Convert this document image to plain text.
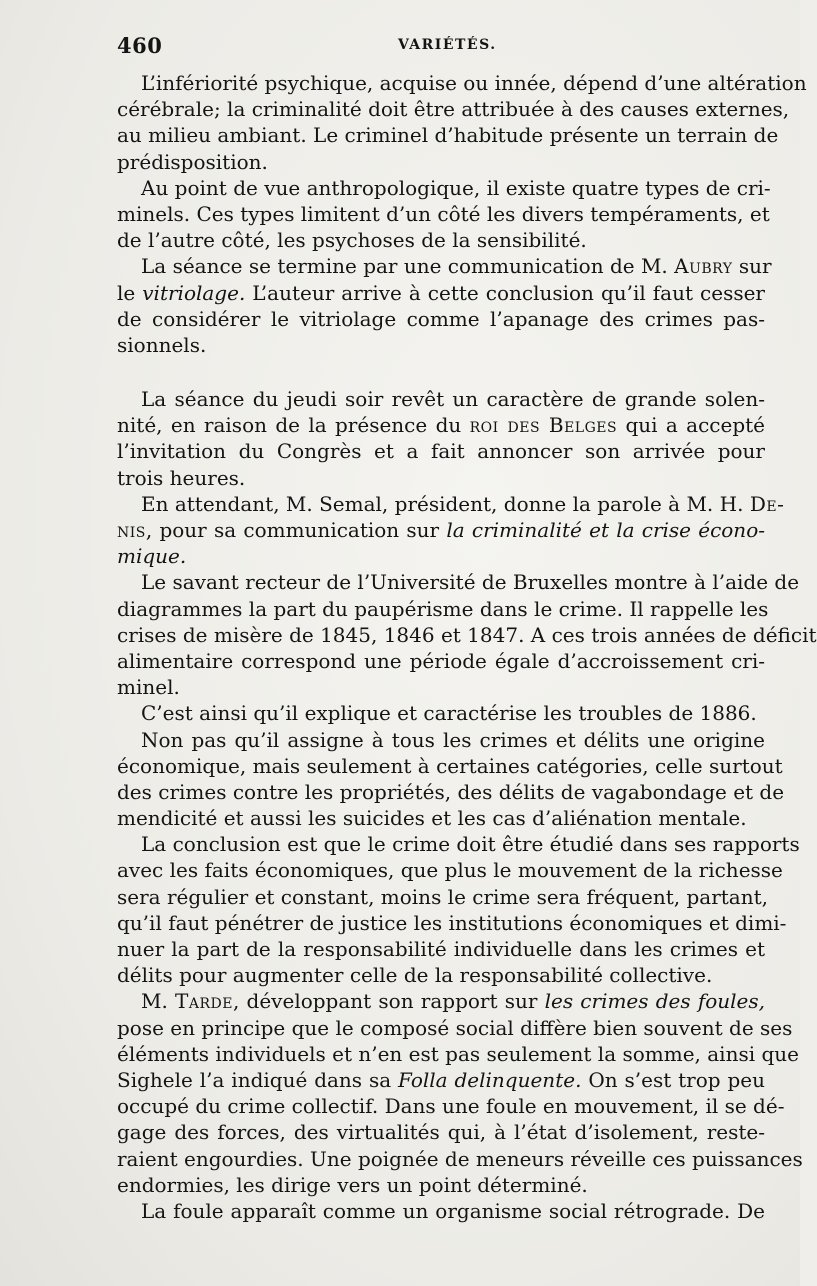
460	VARIÉTÉS.
L’infériorité psychique, acquise ou innée, dépend d’une altération
cérébrale; la criminalité doit être attribuée à des causes externes,
au milieu ambiant. Le criminel d’habitude présente un terrain de
prédisposition.
Au point de vue anthropologique, il existe quatre types de cri-
minels. Ces types limitent d’un côté les divers tempéraments, et
de l’autre côté, les psychoses de la sensibilité.
La séance se termine par une communication de M. Aubry sur
le vitriolage. L’auteur arrive à cette conclusion qu’il faut cesser
de considérer le vitriolage comme l’apanage des crimes pas-
sionnels.
La séance du jeudi soir revêt un caractère de grande solen-
nité, en raison de la présence du roi des Belges qui a accepté
l’invitation du Congrès et a fait annoncer son arrivée pour
trois heures.
En attendant, M. Semal, président, donne la parole à M. H. De-
nis, pour sa communication sur la criminalité et la crise écono-
mique.
Le savant recteur de l’Université de Bruxelles montre à l’aide de
diagrammes la part du paupérisme dans le crime. Il rappelle les
crises de misère de 1845, 1846 et 1847. A ces trois années de déficit
alimentaire correspond une période égale d’accroissement cri-
minel.
C’est ainsi qu’il explique et caractérise les troubles de 1886.
Non pas qu’il assigne à tous les crimes et délits une origine
économique, mais seulement à certaines catégories, celle surtout
des crimes contre les propriétés, des délits de vagabondage et de
mendicité et aussi les suicides et les cas d’aliénation mentale.
La conclusion est que le crime doit être étudié dans ses rapports
avec les faits économiques, que plus le mouvement de la richesse
sera régulier et constant, moins le crime sera fréquent, partant,
qu’il faut pénétrer de justice les institutions économiques et dimi-
nuer la part de la responsabilité individuelle dans les crimes et
délits pour augmenter celle de la responsabilité collective.
M. Tarde, développant son rapport sur les crimes des foules,
pose en principe que le composé social diffère bien souvent de ses
éléments individuels et n’en est pas seulement la somme, ainsi que
Sighele l’a indiqué dans sa Folla delinquente. On s’est trop peu
occupé du crime collectif. Dans une foule en mouvement, il se dé-
gage des forces, des virtualités qui, à l’état d’isolement, reste-
raient engourdies. Une poignée de meneurs réveille ces puissances
endormies, les dirige vers un point déterminé.
La foule apparaît comme un organisme social rétrograde. De
